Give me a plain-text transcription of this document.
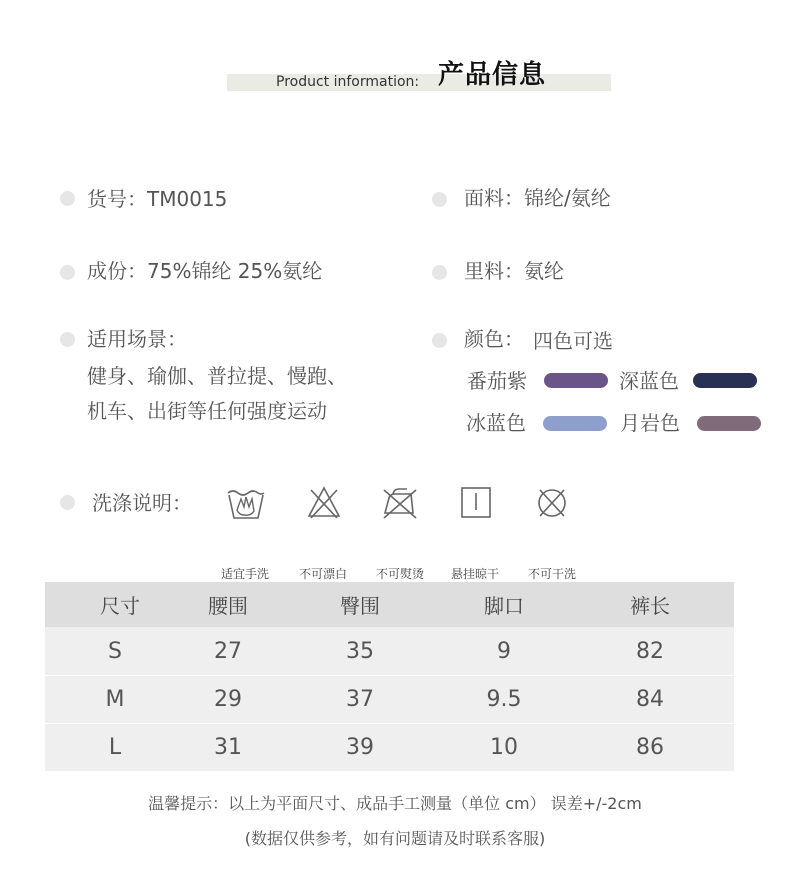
Product information: 产品信息
货号：TM0015
成份：75%锦纶 25%氨纶
适用场景：
健身、瑜伽、普拉提、慢跑、
机车、出街等任何强度运动
面料：锦纶/氨纶
里料：氨纶
颜色： 四色可选
番茄紫	深蓝色
冰蓝色	月岩色
洗涤说明：
适宜手洗	不可漂白	不可熨烫	悬挂晾干	不可干洗
尺寸	腰围	臀围	脚口	裤长
S	27	35	9	82
M	29	37	9.5	84
L	31	39	10	86
温馨提示：以上为平面尺寸、成品手工测量（单位 cm） 误差+/-2cm
(数据仅供参考，如有问题请及时联系客服)
